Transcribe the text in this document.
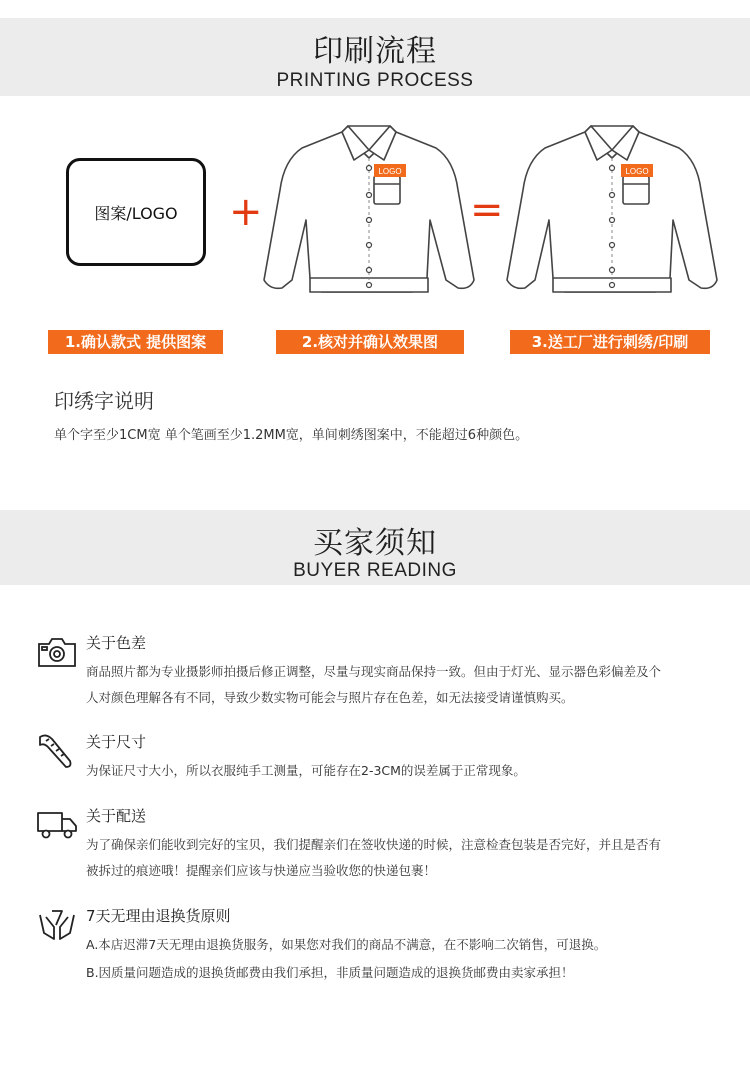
印刷流程
PRINTING PROCESS
图案/LOGO +	=
LOGO	LOGO
1.确认款式 提供图案	2.核对并确认效果图	3.送工厂进行刺绣/印刷
印绣字说明
单个字至少1CM宽 单个笔画至少1.2MM宽，单间刺绣图案中，不能超过6种颜色。
买家须知
BUYER READING
关于色差
商品照片都为专业摄影师拍摄后修正调整，尽量与现实商品保持一致。但由于灯光、显示器色彩偏差及个
人对颜色理解各有不同，导致少数实物可能会与照片存在色差，如无法接受请谨慎购买。
关于尺寸
为保证尺寸大小，所以衣服纯手工测量，可能存在2-3CM的误差属于正常现象。
关于配送
为了确保亲们能收到完好的宝贝，我们提醒亲们在签收快递的时候，注意检查包装是否完好，并且是否有
被拆过的痕迹哦！提醒亲们应该与快递应当验收您的快递包裹！
7天无理由退换货原则
A.本店迟滞7天无理由退换货服务，如果您对我们的商品不满意，在不影响二次销售，可退换。
B.因质量问题造成的退换货邮费由我们承担，非质量问题造成的退换货邮费由卖家承担！
